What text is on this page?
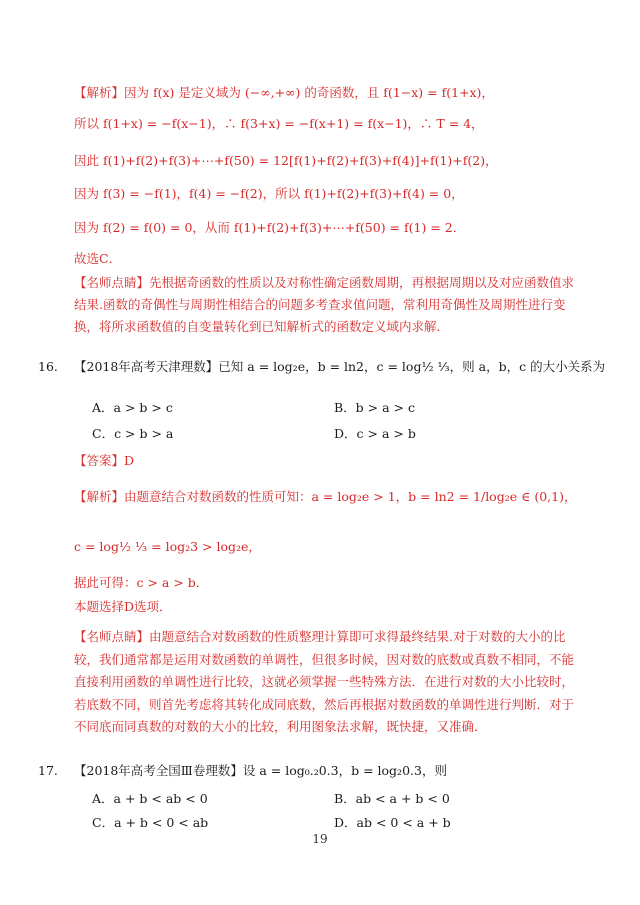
【解析】因为 f(x) 是定义域为 (−∞,+∞) 的奇函数，且 f(1−x) = f(1+x)，
所以 f(1+x) = −f(x−1)，∴ f(3+x) = −f(x+1) = f(x−1)，∴ T = 4，
因此 f(1)+f(2)+f(3)+⋯+f(50) = 12[f(1)+f(2)+f(3)+f(4)]+f(1)+f(2)，
因为 f(3) = −f(1)，f(4) = −f(2)，所以 f(1)+f(2)+f(3)+f(4) = 0，
因为 f(2) = f(0) = 0，从而 f(1)+f(2)+f(3)+⋯+f(50) = f(1) = 2．
故选C．
【名师点睛】先根据奇函数的性质以及对称性确定函数周期，再根据周期以及对应函数值求结果.函数的奇偶性与周期性相结合的问题多考查求值问题，常利用奇偶性及周期性进行变换，将所求函数值的自变量转化到已知解析式的函数定义域内求解.
16. 【2018年高考天津理数】已知 a = log₂e，b = ln2，c = log½ ⅓，则 a，b，c 的大小关系为
A．a > b > c	B．b > a > c
C．c > b > a	D．c > a > b
【答案】D
【解析】由题意结合对数函数的性质可知：a = log₂e > 1，b = ln2 = 1/log₂e ∈ (0,1)，
c = log½ ⅓ = log₂3 > log₂e，
据此可得：c > a > b．
本题选择D选项．
【名师点睛】由题意结合对数函数的性质整理计算即可求得最终结果.对于对数的大小的比较，我们通常都是运用对数函数的单调性，但很多时候，因对数的底数或真数不相同，不能直接利用函数的单调性进行比较，这就必须掌握一些特殊方法．在进行对数的大小比较时，若底数不同，则首先考虑将其转化成同底数，然后再根据对数函数的单调性进行判断．对于不同底而同真数的对数的大小的比较，利用图象法求解，既快捷，又准确．
17. 【2018年高考全国Ⅲ卷理数】设 a = log₀.₂0.3，b = log₂0.3，则
A．a + b < ab < 0	B．ab < a + b < 0
C．a + b < 0 < ab	D．ab < 0 < a + b
19
